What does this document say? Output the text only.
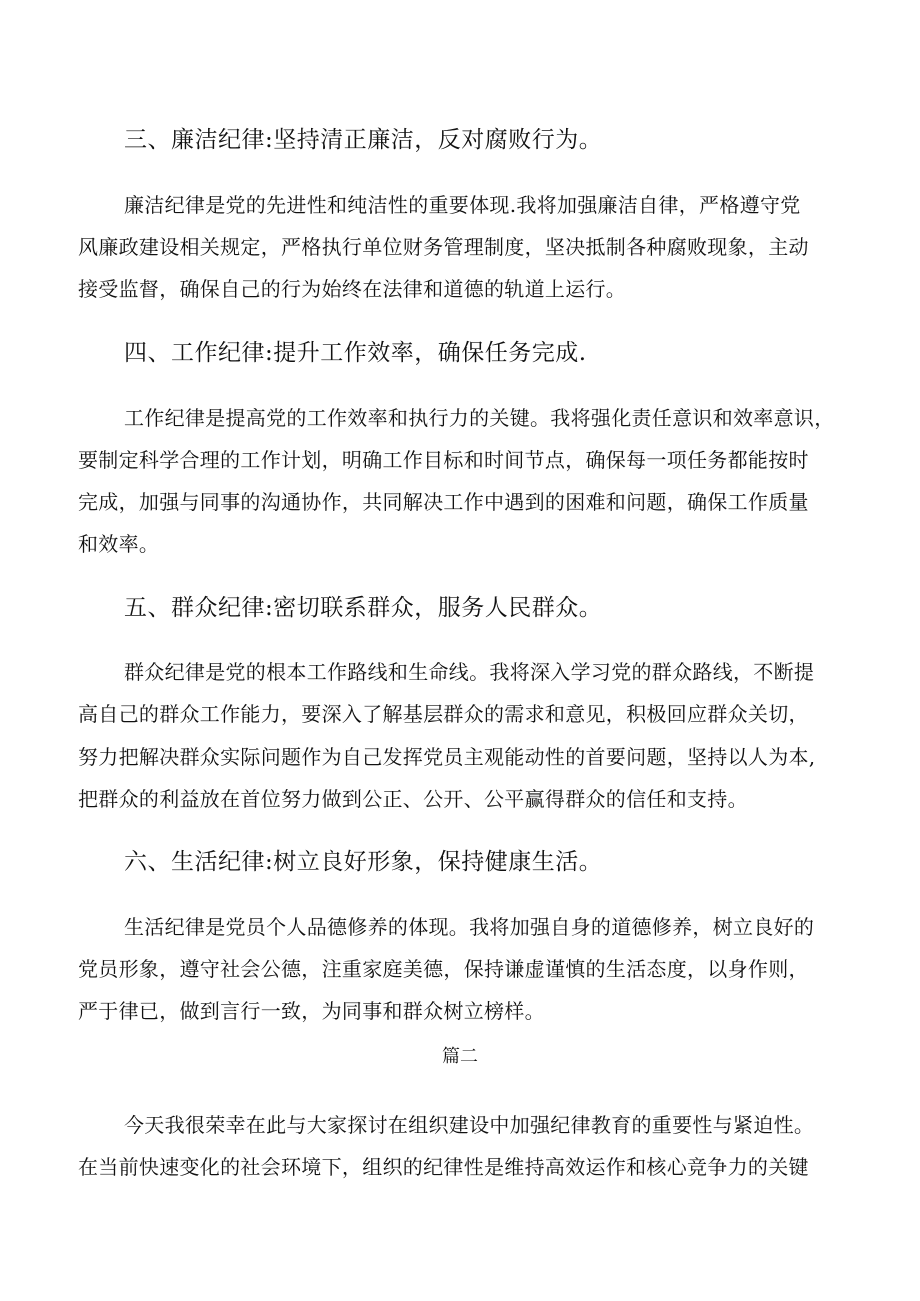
三、廉洁纪律:坚持清正廉洁，反对腐败行为。
廉洁纪律是党的先进性和纯洁性的重要体现.我将加强廉洁自律，严格遵守党
风廉政建设相关规定，严格执行单位财务管理制度，坚决抵制各种腐败现象，主动
接受监督，确保自己的行为始终在法律和道德的轨道上运行。
四、工作纪律:提升工作效率，确保任务完成.
工作纪律是提高党的工作效率和执行力的关键。我将强化责任意识和效率意识，
要制定科学合理的工作计划，明确工作目标和时间节点，确保每一项任务都能按时
完成，加强与同事的沟通协作，共同解决工作中遇到的困难和问题，确保工作质量
和效率。
五、群众纪律:密切联系群众，服务人民群众。
群众纪律是党的根本工作路线和生命线。我将深入学习党的群众路线，不断提
高自己的群众工作能力，要深入了解基层群众的需求和意见，积极回应群众关切，
努力把解决群众实际问题作为自己发挥党员主观能动性的首要问题，坚持以人为本,
把群众的利益放在首位努力做到公正、公开、公平赢得群众的信任和支持。
六、生活纪律:树立良好形象，保持健康生活。
生活纪律是党员个人品德修养的体现。我将加强自身的道德修养，树立良好的
党员形象，遵守社会公德，注重家庭美德，保持谦虚谨慎的生活态度，以身作则，
严于律已，做到言行一致，为同事和群众树立榜样。
篇二
今天我很荣幸在此与大家探讨在组织建设中加强纪律教育的重要性与紧迫性。
在当前快速变化的社会环境下，组织的纪律性是维持高效运作和核心竞争力的关键
